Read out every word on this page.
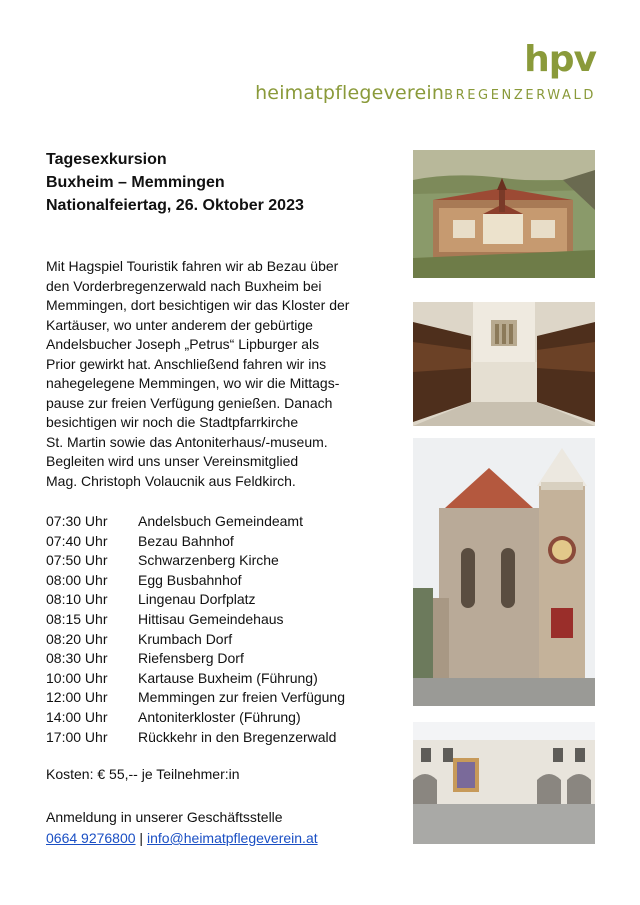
hpv
heimatpflegevereinBREGENZERWALD
Tagesexkursion
Buxheim – Memmingen
Nationalfeiertag, 26. Oktober 2023

Mit Hagspiel Touristik fahren wir ab Bezau über

den Vorderbregenzerwald nach Buxheim bei

Memmingen, dort besichtigen wir das Kloster der

Kartäuser, wo unter anderem der gebürtige

Andelsbucher Joseph „Petrus“ Lipburger als

Prior gewirkt hat. Anschließend fahren wir ins

nahegelegene Memmingen, wo wir die Mittags-

pause zur freien Verfügung genießen. Danach

besichtigen wir noch die Stadtpfarrkirche

St. Martin sowie das Antoniterhaus/-museum.

Begleiten wird uns unser Vereinsmitglied

Mag. Christoph Volaucnik aus Feldkirch.

07:30 Uhr	Andelsbuch Gemeindeamt
07:40 Uhr	Bezau Bahnhof
07:50 Uhr	Schwarzenberg Kirche
08:00 Uhr	Egg Busbahnhof
08:10 Uhr	Lingenau Dorfplatz
08:15 Uhr	Hittisau Gemeindehaus
08:20 Uhr	Krumbach Dorf
08:30 Uhr	Riefensberg Dorf
10:00 Uhr	Kartause Buxheim (Führung)
12:00 Uhr	Memmingen zur freien Verfügung
14:00 Uhr	Antoniterkloster (Führung)
17:00 Uhr	Rückkehr in den Bregenzerwald
Kosten: € 55,-- je Teilnehmer:in
Anmeldung in unserer Geschäftsstelle
0664 9276800 | info@heimatpflegeverein.at
